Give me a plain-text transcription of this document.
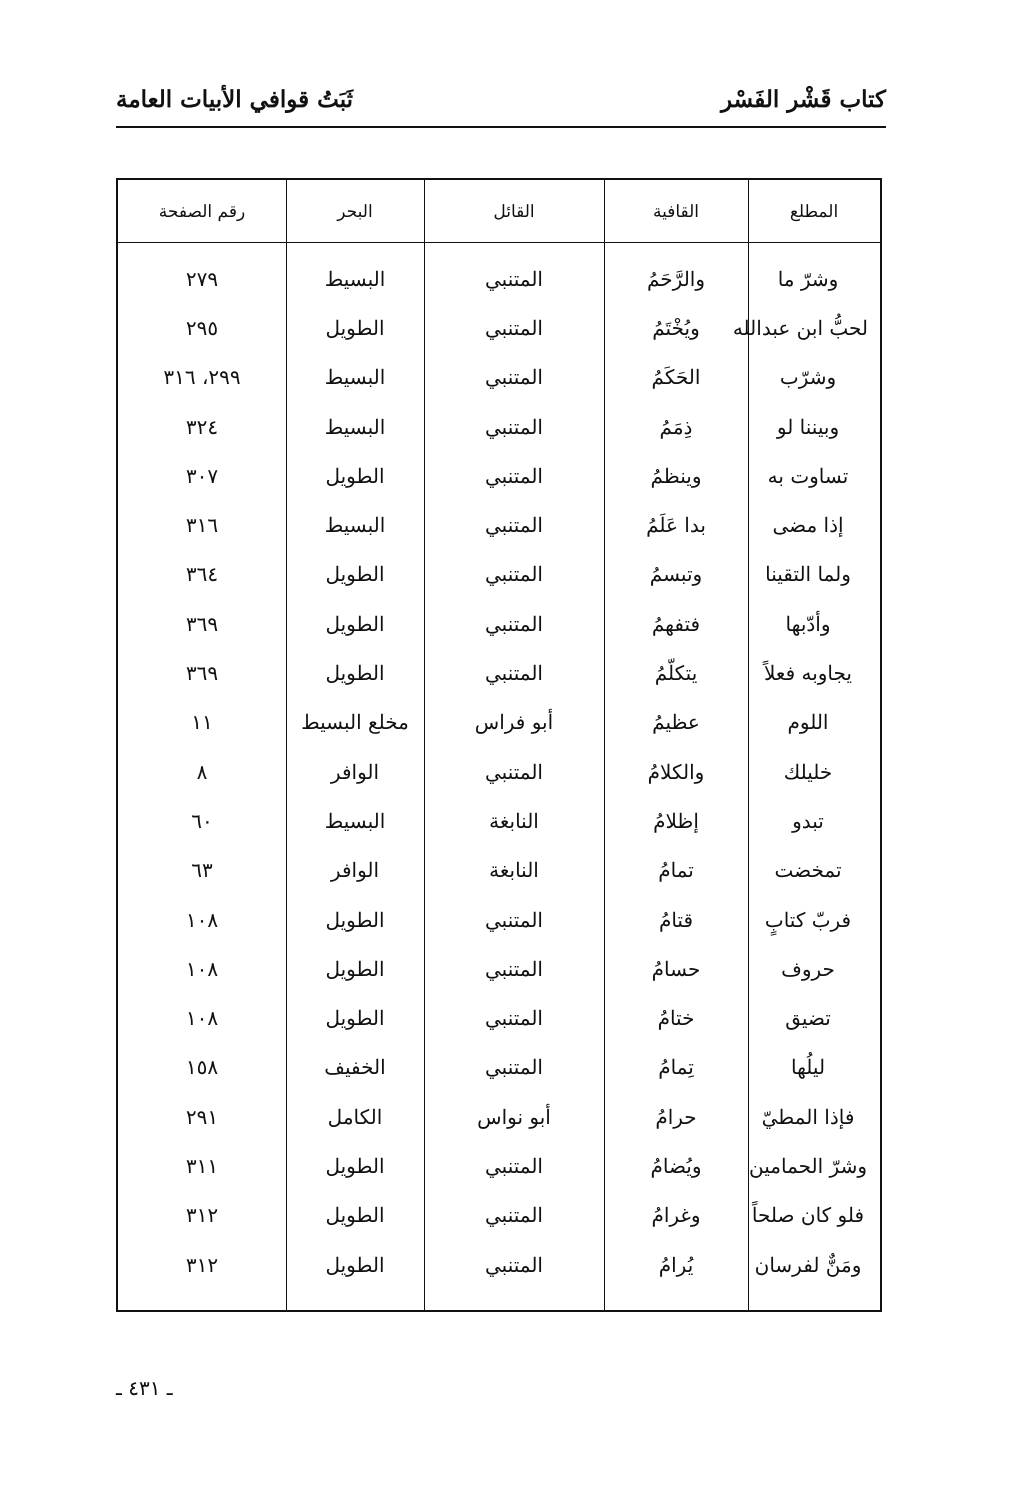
كتاب قَشْر الفَسْر
ثَبَتُ قوافي الأبيات العامة
المطلع	القافية	القائل	البحر	رقم الصفحة
وشرّ ما	والرَّحَمُ	المتنبي	البسيط	٢٧٩
لحبُّ ابن عبدالله	ويُخْتَمُ	المتنبي	الطويل	٢٩٥
وشرّب	الحَكَمُ	المتنبي	البسيط	٢٩٩، ٣١٦
وبيننا لو	ذِمَمُ	المتنبي	البسيط	٣٢٤
تساوت به	وينظمُ	المتنبي	الطويل	٣٠٧
إذا مضى	بدا عَلَمُ	المتنبي	البسيط	٣١٦
ولما التقينا	وتبسمُ	المتنبي	الطويل	٣٦٤
وأدّبها	فتفهمُ	المتنبي	الطويل	٣٦٩
يجاوبه فعلاً	يتكلّمُ	المتنبي	الطويل	٣٦٩
اللوم	عظيمُ	أبو فراس	مخلع البسيط	١١
خليلك	والكلامُ	المتنبي	الوافر	٨
تبدو	إظلامُ	النابغة	البسيط	٦٠
تمخضت	تمامُ	النابغة	الوافر	٦٣
فربّ كتابٍ	قتامُ	المتنبي	الطويل	١٠٨
حروف	حسامُ	المتنبي	الطويل	١٠٨
تضيق	ختامُ	المتنبي	الطويل	١٠٨
ليلُها	تِمامُ	المتنبي	الخفيف	١٥٨
فإذا المطيّ	حرامُ	أبو نواس	الكامل	٢٩١
وشرّ الحمامين	ويُضامُ	المتنبي	الطويل	٣١١
فلو كان صلحاً	وغرامُ	المتنبي	الطويل	٣١٢
ومَنٌّ لفرسان	يُرامُ	المتنبي	الطويل	٣١٢
ـ ٤٣١ ـ
